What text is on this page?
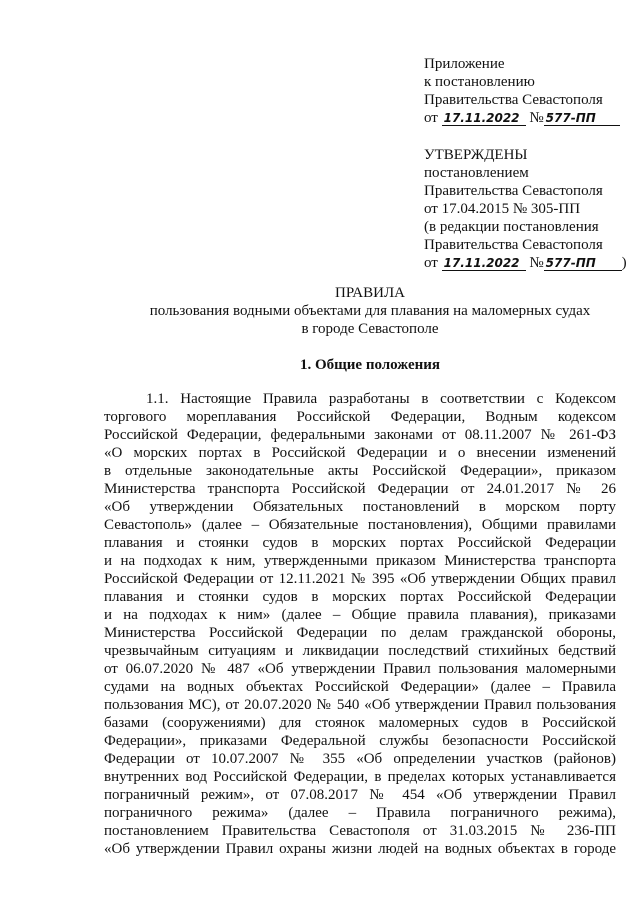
Приложение
к постановлению
Правительства Севастополя
от 17.11.2022 № 577-ПП
УТВЕРЖДЕНЫ
постановлением
Правительства Севастополя
от 17.04.2015 № 305-ПП
(в редакции постановления
Правительства Севастополя
от 17.11.2022 № 577-ПП )
ПРАВИЛА
пользования водными объектами для плавания на маломерных судах
в городе Севастополе
1. Общие положения
1.1. Настоящие Правила разработаны в соответствии с Кодексом
торгового мореплавания Российской Федерации, Водным кодексом
Российской Федерации, федеральными законами от 08.11.2007 № 261-ФЗ
«О морских портах в Российской Федерации и о внесении изменений
в отдельные законодательные акты Российской Федерации», приказом
Министерства транспорта Российской Федерации от 24.01.2017 № 26
«Об утверждении Обязательных постановлений в морском порту
Севастополь» (далее – Обязательные постановления), Общими правилами
плавания и стоянки судов в морских портах Российской Федерации
и на подходах к ним, утвержденными приказом Министерства транспорта
Российской Федерации от 12.11.2021 № 395 «Об утверждении Общих правил
плавания и стоянки судов в морских портах Российской Федерации
и на подходах к ним» (далее – Общие правила плавания), приказами
Министерства Российской Федерации по делам гражданской обороны,
чрезвычайным ситуациям и ликвидации последствий стихийных бедствий
от 06.07.2020 № 487 «Об утверждении Правил пользования маломерными
судами на водных объектах Российской Федерации» (далее – Правила
пользования МС), от 20.07.2020 № 540 «Об утверждении Правил пользования
базами (сооружениями) для стоянок маломерных судов в Российской
Федерации», приказами Федеральной службы безопасности Российской
Федерации от 10.07.2007 № 355 «Об определении участков (районов)
внутренних вод Российской Федерации, в пределах которых устанавливается
пограничный режим», от 07.08.2017 № 454 «Об утверждении Правил
пограничного режима» (далее – Правила пограничного режима),
постановлением Правительства Севастополя от 31.03.2015 № 236-ПП
«Об утверждении Правил охраны жизни людей на водных объектах в городе
